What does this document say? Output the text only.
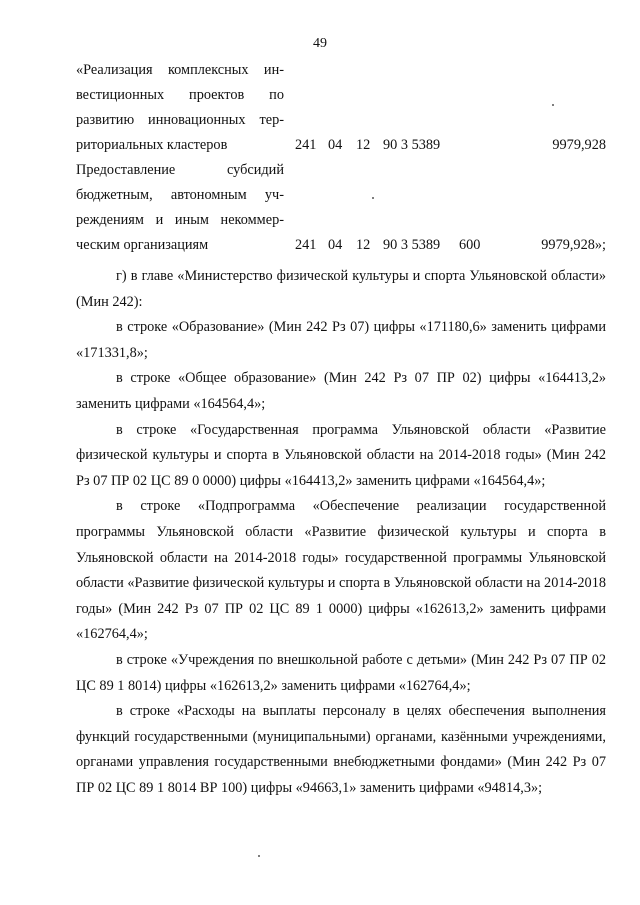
49
«Реализация комплексных ин-
вестиционных проектов по
развитию инновационных тер-
риториальных кластеров	241 04 12 90 3 5389	9979,928
Предоставление субсидий
бюджетным, автономным уч-
реждениям и иным некоммер-
ческим организациям	241 04 12 90 3 5389 600	9979,928»;

г) в главе «Министерство физической культуры и спорта Ульяновской области» (Мин 242):

в строке «Образование» (Мин 242 Рз 07) цифры «171180,6» заменить цифрами «171331,8»;

в строке «Общее образование» (Мин 242 Рз 07 ПР 02) цифры «164413,2» заменить цифрами «164564,4»;

в строке «Государственная программа Ульяновской области «Развитие физической культуры и спорта в Ульяновской области на 2014-2018 годы» (Мин 242 Рз 07 ПР 02 ЦС 89 0 0000) цифры «164413,2» заменить цифрами «164564,4»;

в строке «Подпрограмма «Обеспечение реализации государственной программы Ульяновской области «Развитие физической культуры и спорта в Ульяновской области на 2014-2018 годы» государственной программы Ульяновской области «Развитие физической культуры и спорта в Ульяновской области на 2014-2018 годы» (Мин 242 Рз 07 ПР 02 ЦС 89 1 0000) цифры «162613,2» заменить цифрами «162764,4»;

в строке «Учреждения по внешкольной работе с детьми» (Мин 242 Рз 07 ПР 02 ЦС 89 1 8014) цифры «162613,2» заменить цифрами «162764,4»;

в строке «Расходы на выплаты персоналу в целях обеспечения выполнения функций государственными (муниципальными) органами, казёнными учреждениями, органами управления государственными внебюджетными фондами» (Мин 242 Рз 07 ПР 02 ЦС 89 1 8014 ВР 100) цифры «94663,1» заменить цифрами «94814,3»;
